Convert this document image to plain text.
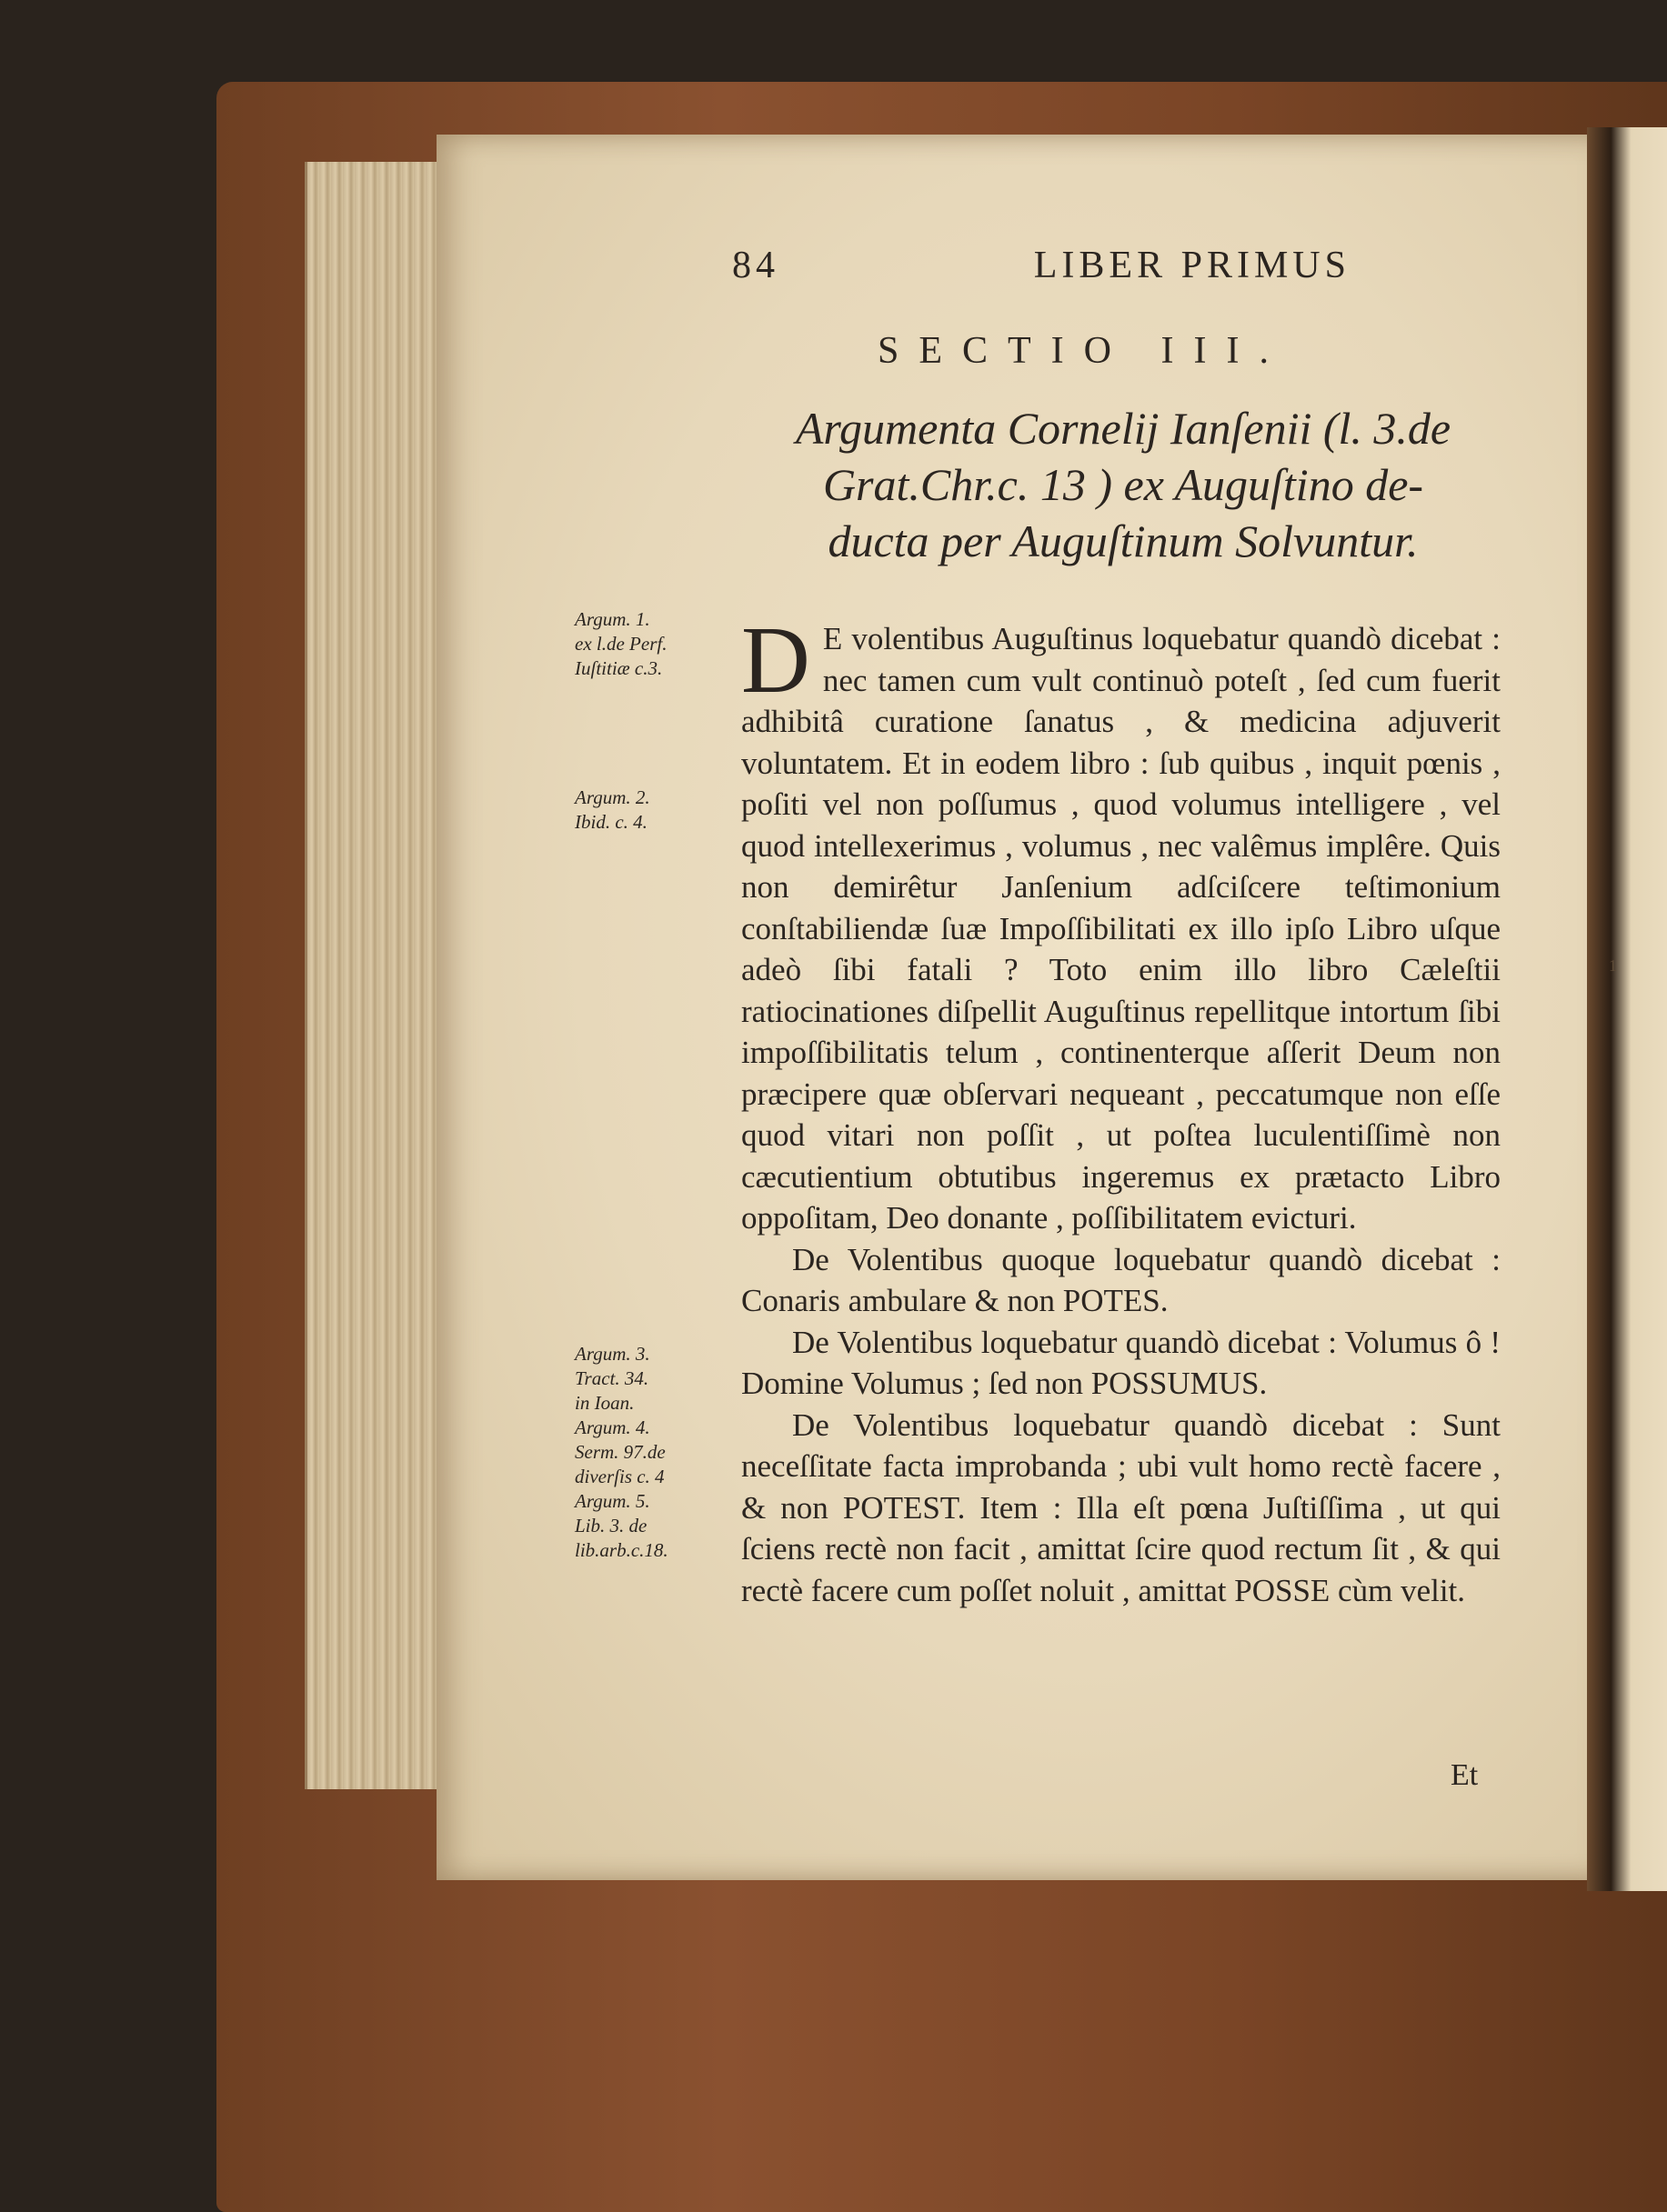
84	LIBER PRIMUS
SECTIO III.
Argumenta Cornelij Ianſenii (l. 3.de
Grat.Chr.c. 13 ) ex Auguſtino de-
ducta per Auguſtinum Solvuntur.
Argum. 1.
ex l.de Perf.
Iuſtitiæ c.3.
Argum. 2.
Ibid. c. 4.
Argum. 3.
Tract. 34.
in Ioan.
Argum. 4.
Serm. 97.de
diverſis c. 4
Argum. 5.
Lib. 3. de
lib.arb.c.18.

D E volentibus Auguſtinus loquebatur quandò dicebat : nec tamen cum vult continuò poteſt , ſed cum fuerit adhibitâ curatione ſanatus , & medicina adjuverit voluntatem. Et in eodem libro : ſub quibus , inquit pœnis , poſiti vel non poſſumus , quod volumus intelligere , vel quod intellexerimus , volumus , nec valêmus implêre. Quis non demirêtur Janſenium adſciſcere teſtimonium conſtabiliendæ ſuæ Impoſſibilitati ex illo ipſo Libro uſque adeò ſibi fatali ? Toto enim illo libro Cæleſtii ratiocinationes diſpellit Auguſtinus repellitque intortum ſibi impoſſibilitatis telum , continenterque aſſerit Deum non præcipere quæ obſervari nequeant , peccatumque non eſſe quod vitari non poſſit , ut poſtea luculentiſſimè non cæcutientium obtutibus ingeremus ex prætacto Libro oppoſitam, Deo donante , poſſibilitatem evicturi.

De Volentibus quoque loquebatur quandò dicebat : Conaris ambulare & non POTES.

De Volentibus loquebatur quandò dicebat : Volumus ô ! Domine Volumus ; ſed non POSSUMUS.

De Volentibus loquebatur quandò dicebat : Sunt neceſſitate facta improbanda ; ubi vult homo rectè facere , & non POTEST. Item : Illa eſt pœna Juſtiſſima , ut qui ſciens rectè non facit , amittat ſcire quod rectum ſit , & qui rectè facere cum poſſet noluit , amittat POSSE cùm velit.

Et
1
